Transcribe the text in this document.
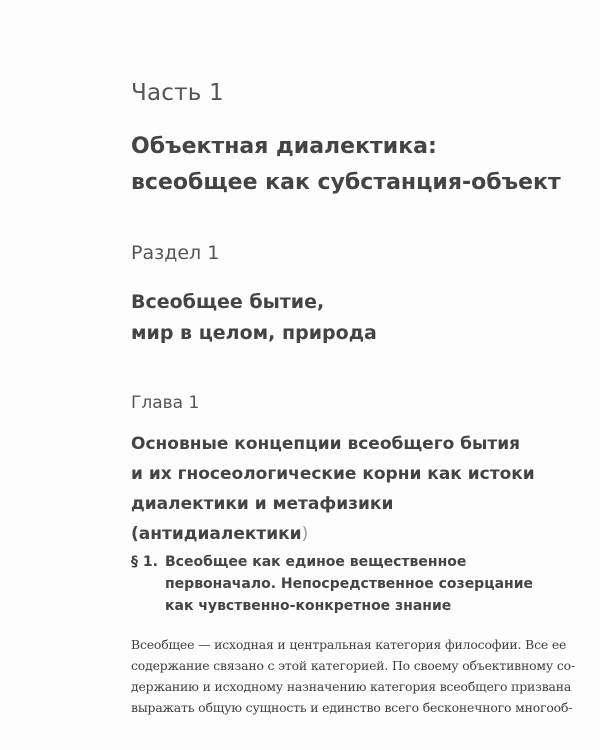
Часть 1
Объектная диалектика:
всеобщее как субстанция-объект
Раздел 1
Всеобщее бытие,
мир в целом, природа
Глава 1
Основные концепции всеобщего бытия
и их гносеологические корни как истоки
диалектики и метафизики (антидиалектики)
§ 1. Всеобщее как единое вещественное
первоначало. Непосредственное созерцание
как чувственно-конкретное знание
Всеобщее — исходная и центральная категория философии. Все ее
содержание связано с этой категорией. По своему объективному со-
держанию и исходному назначению категория всеобщего призвана
выражать общую сущность и единство всего бесконечного многооб-
